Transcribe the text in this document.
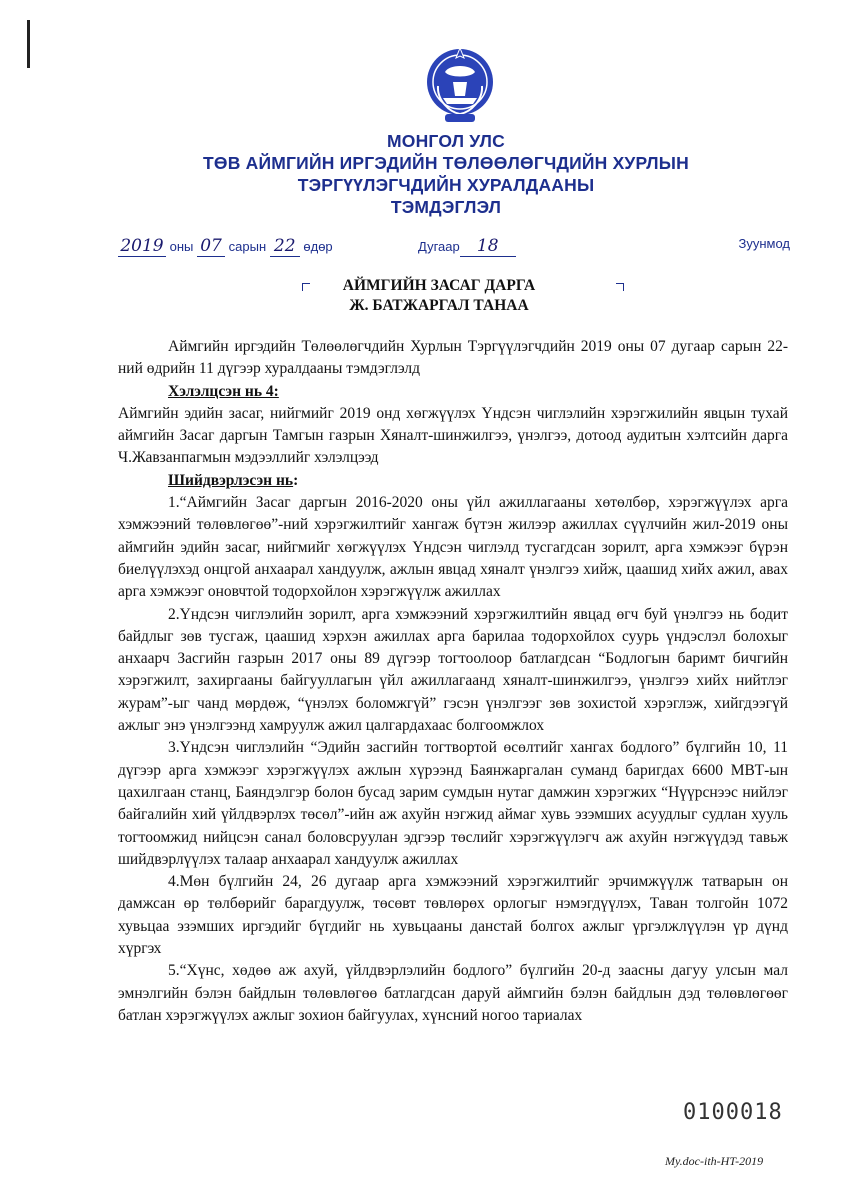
МОНГОЛ УЛС
ТӨВ АЙМГИЙН ИРГЭДИЙН ТӨЛӨӨЛӨГЧДИЙН ХУРЛЫН
ТЭРГҮҮЛЭГЧДИЙН ХУРАЛДААНЫ
ТЭМДЭГЛЭЛ
2019 оны 07 сарын 22 өдөр	Дугаар 18	Зуунмод
АЙМГИЙН ЗАСАГ ДАРГА
Ж. БАТЖАРГАЛ ТАНАА

Аймгийн иргэдийн Төлөөлөгчдийн Хурлын Тэргүүлэгчдийн 2019 оны 07 дугаар сарын 22-ний өдрийн 11 дүгээр хуралдааны тэмдэглэлд

Хэлэлцсэн нь 4:

Аймгийн эдийн засаг, нийгмийг 2019 онд хөгжүүлэх Үндсэн чиглэлийн хэрэгжилийн явцын тухай аймгийн Засаг даргын Тамгын газрын Хяналт-шинжилгээ, үнэлгээ, дотоод аудитын хэлтсийн дарга Ч.Жавзанпагмын мэдээллийг хэлэлцээд

Шийдвэрлэсэн нь:

1.“Аймгийн Засаг даргын 2016-2020 оны үйл ажиллагааны хөтөлбөр, хэрэгжүүлэх арга хэмжээний төлөвлөгөө”-ний хэрэгжилтийг хангаж бүтэн жилээр ажиллах сүүлчийн жил-2019 оны аймгийн эдийн засаг, нийгмийг хөгжүүлэх Үндсэн чиглэлд тусгагдсан зорилт, арга хэмжээг бүрэн биелүүлэхэд онцгой анхаарал хандуулж, ажлын явцад хяналт үнэлгээ хийж, цаашид хийх ажил, авах арга хэмжээг оновчтой тодорхойлон хэрэгжүүлж ажиллах

2.Үндсэн чиглэлийн зорилт, арга хэмжээний хэрэгжилтийн явцад өгч буй үнэлгээ нь бодит байдлыг зөв тусгаж, цаашид хэрхэн ажиллах арга барилаа тодорхойлох суурь үндэслэл болохыг анхаарч Засгийн газрын 2017 оны 89 дүгээр тогтоолоор батлагдсан “Бодлогын баримт бичгийн хэрэгжилт, захиргааны байгууллагын үйл ажиллагаанд хяналт-шинжилгээ, үнэлгээ хийх нийтлэг журам”-ыг чанд мөрдөж, “үнэлэх боломжгүй” гэсэн үнэлгээг зөв зохистой хэрэглэж, хийгдээгүй ажлыг энэ үнэлгээнд хамруулж ажил цалгардахаас болгоомжлох

3.Үндсэн чиглэлийн “Эдийн засгийн тогтвортой өсөлтийг хангах бодлого” бүлгийн 10, 11 дүгээр арга хэмжээг хэрэгжүүлэх ажлын хүрээнд Баянжаргалан суманд баригдах 6600 МВТ-ын цахилгаан станц, Баяндэлгэр болон бусад зарим сумдын нутаг дамжин хэрэгжих “Нүүрснээс нийлэг байгалийн хий үйлдвэрлэх төсөл”-ийн аж ахуйн нэгжид аймаг хувь эзэмших асуудлыг судлан хууль тогтоомжид нийцсэн санал боловсруулан эдгээр төслийг хэрэгжүүлэгч аж ахуйн нэгжүүдэд тавьж шийдвэрлүүлэх талаар анхаарал хандуулж ажиллах

4.Мөн бүлгийн 24, 26 дугаар арга хэмжээний хэрэгжилтийг эрчимжүүлж татварын он дамжсан өр төлбөрийг барагдуулж, төсөвт төвлөрөх орлогыг нэмэгдүүлэх, Таван толгойн 1072 хувьцаа эзэмших иргэдийг бүгдийг нь хувьцааны данстай болгох ажлыг үргэлжлүүлэн үр дүнд хүргэх

5.“Хүнс, хөдөө аж ахуй, үйлдвэрлэлийн бодлого” бүлгийн 20-д заасны дагуу улсын мал эмнэлгийн бэлэн байдлын төлөвлөгөө батлагдсан даруй аймгийн бэлэн байдлын дэд төлөвлөгөөг батлан хэрэгжүүлэх ажлыг зохион байгуулах, хүнсний ногоо тариалах

0100018
My.doc-ith-HT-2019
